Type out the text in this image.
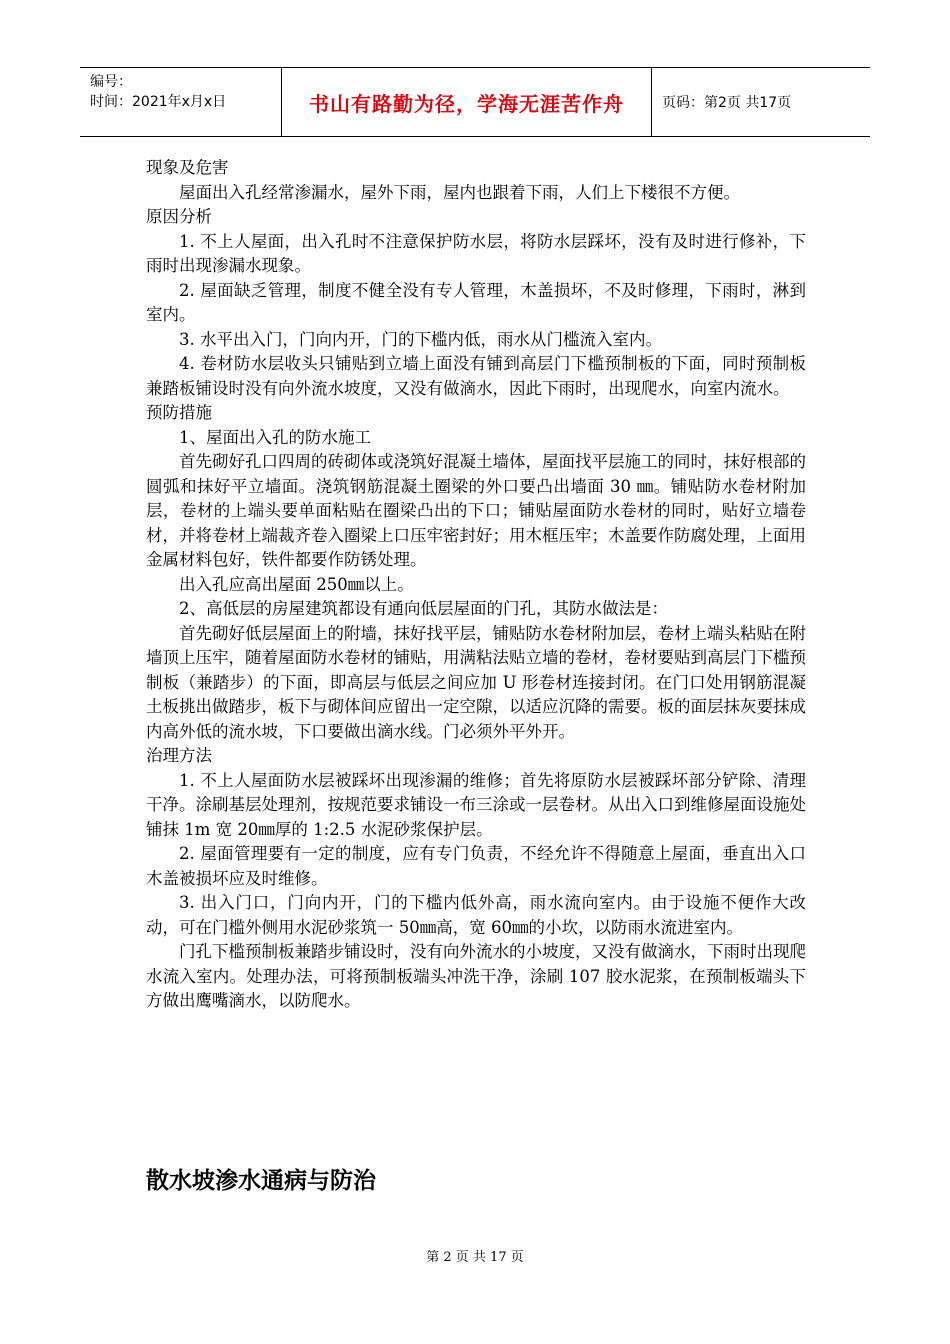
编号：
时间：2021年x月x日	书山有路勤为径，学海无涯苦作舟	页码：第2页 共17页

现象及危害

屋面出入孔经常渗漏水，屋外下雨，屋内也跟着下雨，人们上下楼很不方便。

原因分析

1. 不上人屋面，出入孔时不注意保护防水层，将防水层踩坏，没有及时进行修补，下雨时出现渗漏水现象。

2. 屋面缺乏管理，制度不健全没有专人管理，木盖损坏，不及时修理，下雨时，淋到室内。

3. 水平出入门，门向内开，门的下槛内低，雨水从门槛流入室内。

4. 卷材防水层收头只铺贴到立墙上面没有铺到高层门下槛预制板的下面，同时预制板兼踏板铺设时没有向外流水坡度，又没有做滴水，因此下雨时，出现爬水，向室内流水。

预防措施

1、屋面出入孔的防水施工

首先砌好孔口四周的砖砌体或浇筑好混凝土墙体，屋面找平层施工的同时，抹好根部的圆弧和抹好平立墙面。浇筑钢筋混凝土圈梁的外口要凸出墙面 30 ㎜。铺贴防水卷材附加层，卷材的上端头要单面粘贴在圈梁凸出的下口；铺贴屋面防水卷材的同时，贴好立墙卷材，并将卷材上端裁齐卷入圈梁上口压牢密封好；用木框压牢；木盖要作防腐处理，上面用金属材料包好，铁件都要作防锈处理。

出入孔应高出屋面 250㎜以上。

2、高低层的房屋建筑都设有通向低层屋面的门孔，其防水做法是：

首先砌好低层屋面上的附墙，抹好找平层，铺贴防水卷材附加层，卷材上端头粘贴在附墙顶上压牢，随着屋面防水卷材的铺贴，用满粘法贴立墙的卷材，卷材要贴到高层门下槛预制板（兼踏步）的下面，即高层与低层之间应加 U 形卷材连接封闭。在门口处用钢筋混凝土板挑出做踏步，板下与砌体间应留出一定空隙，以适应沉降的需要。板的面层抹灰要抹成内高外低的流水坡，下口要做出滴水线。门必须外平外开。

治理方法

1. 不上人屋面防水层被踩坏出现渗漏的维修；首先将原防水层被踩坏部分铲除、清理干净。涂刷基层处理剂，按规范要求铺设一布三涂或一层卷材。从出入口到维修屋面设施处铺抹 1m 宽 20㎜厚的 1:2.5 水泥砂浆保护层。

2. 屋面管理要有一定的制度，应有专门负责，不经允许不得随意上屋面，垂直出入口木盖被损坏应及时维修。

3. 出入门口，门向内开，门的下槛内低外高，雨水流向室内。由于设施不便作大改动，可在门槛外侧用水泥砂浆筑一 50㎜高，宽 60㎜的小坎，以防雨水流进室内。

门孔下槛预制板兼踏步铺设时，没有向外流水的小坡度，又没有做滴水，下雨时出现爬水流入室内。处理办法，可将预制板端头冲洗干净，涂刷 107 胶水泥浆，在预制板端头下方做出鹰嘴滴水，以防爬水。

散水坡渗水通病与防治
第 2 页 共 17 页
